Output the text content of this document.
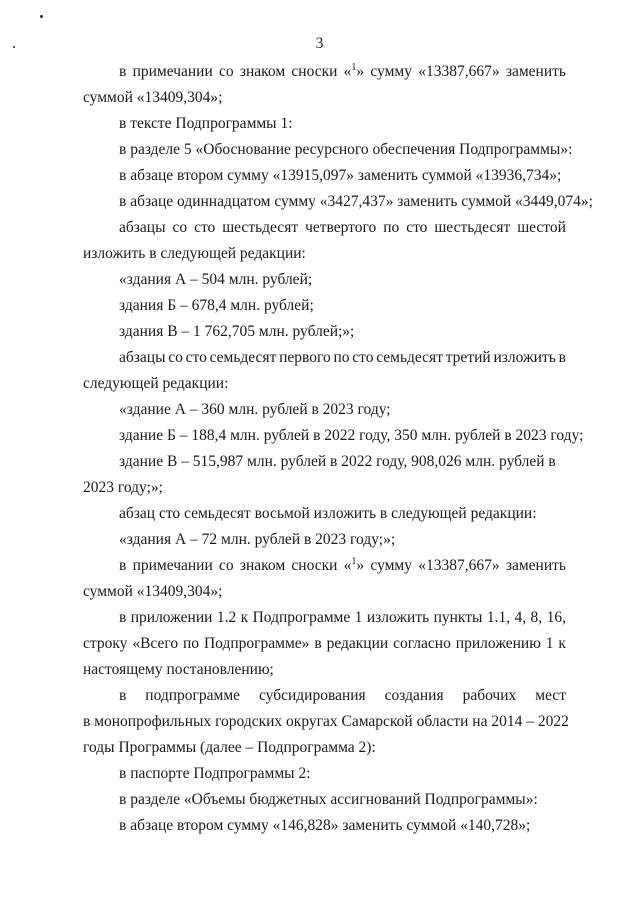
3
в примечании со знаком сноски «$^1$» сумму «13387,667» заменить
суммой «13409,304»;
в тексте Подпрограммы 1:
в разделе 5 «Обоснование ресурсного обеспечения Подпрограммы»:
в абзаце втором сумму «13915,097» заменить суммой «13936,734»;
в абзаце одиннадцатом сумму «3427,437» заменить суммой «3449,074»;
абзацы со сто шестьдесят четвертого по сто шестьдесят шестой
изложить в следующей редакции:
«здания А – 504 млн. рублей;
здания Б – 678,4 млн. рублей;
здания В – 1 762,705 млн. рублей;»;
абзацы со сто семьдесят первого по сто семьдесят третий изложить в
следующей редакции:
«здание А – 360 млн. рублей в 2023 году;
здание Б – 188,4 млн. рублей в 2022 году, 350 млн. рублей в 2023 году;
здание В – 515,987 млн. рублей в 2022 году, 908,026 млн. рублей в
2023 году;»;
абзац сто семьдесят восьмой изложить в следующей редакции:
«здания А – 72 млн. рублей в 2023 году;»;
в примечании со знаком сноски «$^1$» сумму «13387,667» заменить
суммой «13409,304»;
в приложении 1.2 к Подпрограмме 1 изложить пункты 1.1, 4, 8, 16,
строку «Всего по Подпрограмме» в редакции согласно приложению 1 к
настоящему постановлению;
в подпрограмме субсидирования создания рабочих мест
в монопрофильных городских округах Самарской области на 2014 – 2022
годы Программы (далее – Подпрограмма 2):
в паспорте Подпрограммы 2:
в разделе «Объемы бюджетных ассигнований Подпрограммы»:
в абзаце втором сумму «146,828» заменить суммой «140,728»;
